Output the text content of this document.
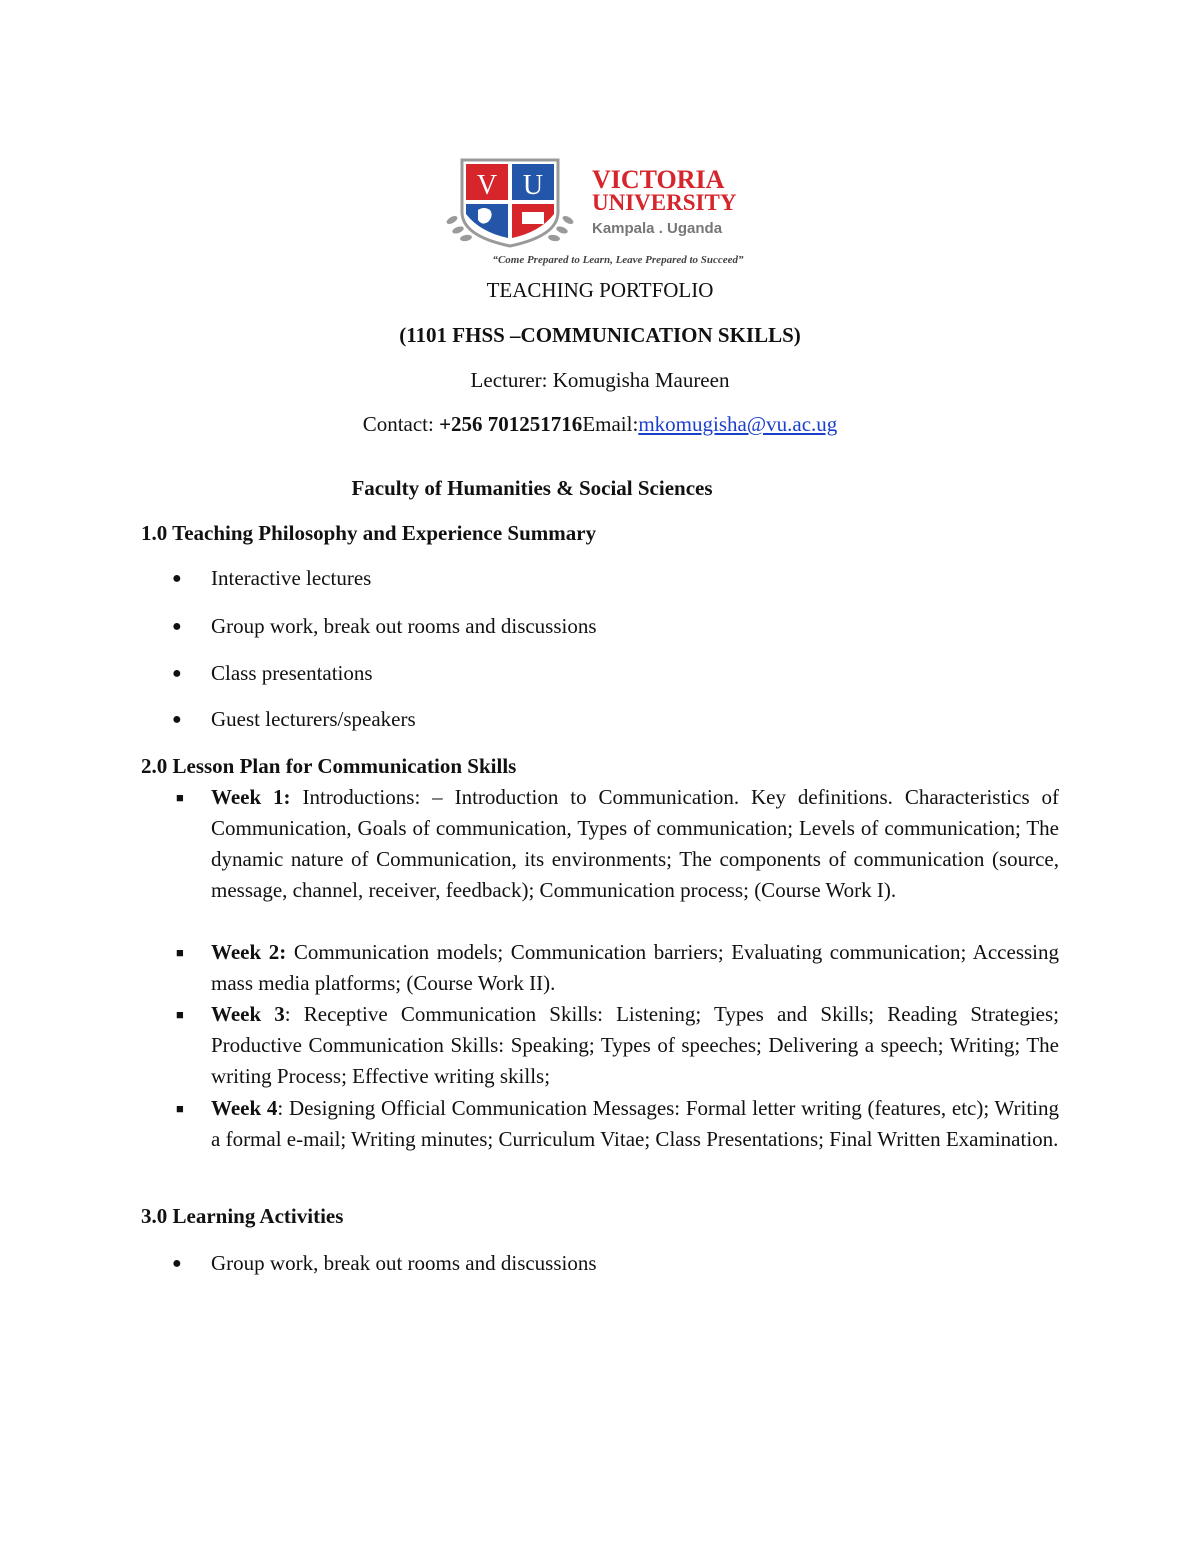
V U VICTORIA
UNIVERSITY
Kampala . Uganda
“Come Prepared to Learn, Leave Prepared to Succeed”
TEACHING PORTFOLIO
(1101 FHSS –COMMUNICATION SKILLS)
Lecturer: Komugisha Maureen
Contact: +256 701251716Email:mkomugisha@vu.ac.ug
Faculty of Humanities & Social Sciences
1.0 Teaching Philosophy and Experience Summary
● Interactive lectures
● Group work, break out rooms and discussions
● Class presentations
● Guest lecturers/speakers
2.0 Lesson Plan for Communication Skills
■ Week 1: Introductions: – Introduction to Communication. Key definitions. Characteristics of Communication, Goals of communication, Types of communication; Levels of communication; The dynamic nature of Communication, its environments; The components of communication (source, message, channel, receiver, feedback); Communication process; (Course Work I).
■ Week 2: Communication models; Communication barriers; Evaluating communication; Accessing mass media platforms; (Course Work II).
■ Week 3: Receptive Communication Skills: Listening; Types and Skills; Reading Strategies; Productive Communication Skills: Speaking; Types of speeches; Delivering a speech; Writing; The writing Process; Effective writing skills;
■ Week 4: Designing Official Communication Messages: Formal letter writing (features, etc); Writing a formal e-mail; Writing minutes; Curriculum Vitae; Class Presentations; Final Written Examination.
3.0 Learning Activities
● Group work, break out rooms and discussions
